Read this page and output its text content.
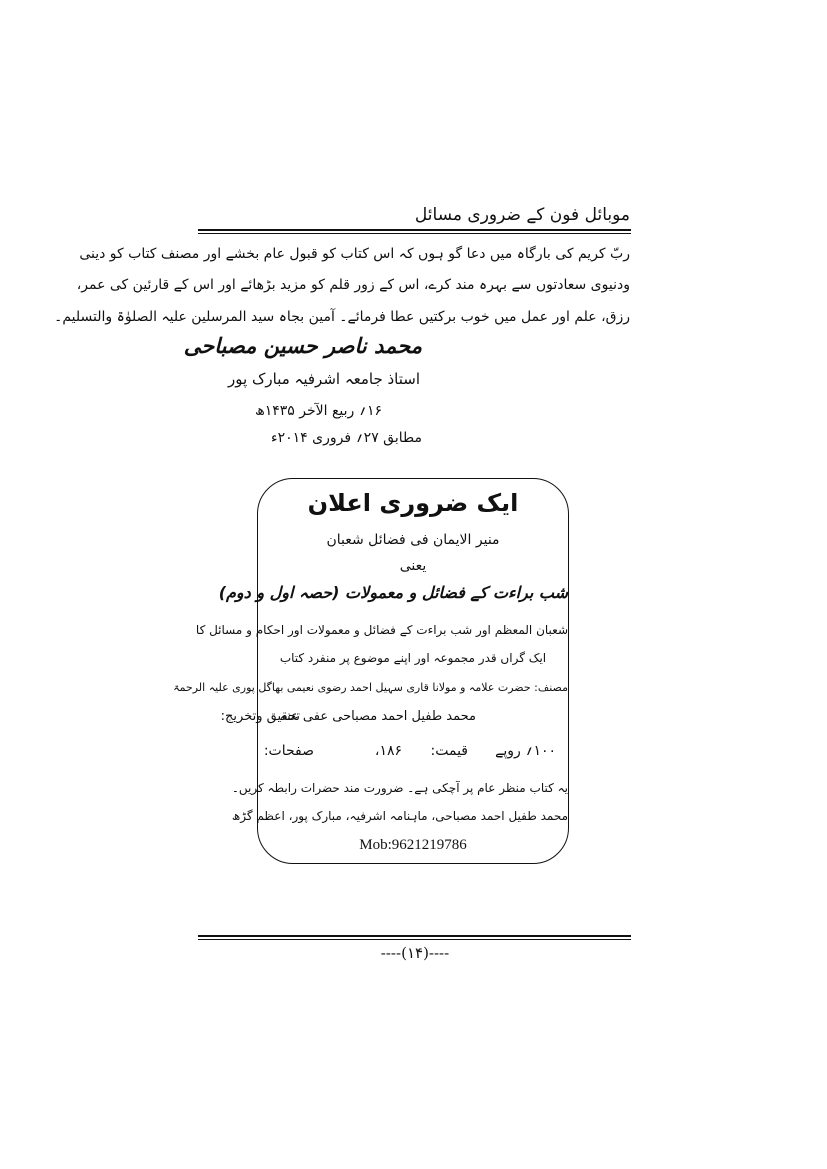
موبائل فون کے ضروری مسائل
ربّ کریم کی بارگاہ میں دعا گو ہوں کہ اس کتاب کو قبول عام بخشے اور مصنف کتاب کو دینی
ودنیوی سعادتوں سے بہرہ مند کرے، اس کے زور قلم کو مزید بڑھائے اور اس کے قارئین کی عمر،
رزق، علم اور عمل میں خوب برکتیں عطا فرمائے۔ آمین بجاہ سید المرسلین علیہ الصلوٰۃ والتسلیم۔
محمد ناصر حسین مصباحی
استاذ جامعہ اشرفیہ مبارک پور
۱۶؍ ربیع الآخر ۱۴۳۵ھ
مطابق ۲۷؍ فروری ۲۰۱۴ء
ایک ضروری اعلان
منیر الایمان فی فضائل شعبان
یعنی
شب براءت کے فضائل و معمولات (حصہ اول و دوم)
شعبان المعظم اور شب براءت کے فضائل و معمولات اور احکام و مسائل کا
ایک گراں قدر مجموعہ اور اپنے موضوع پر منفرد کتاب
مصنف: حضرت علامہ و مولانا قاری سہیل احمد رضوی نعیمی بھاگل پوری علیہ الرحمۃ
تحقیق وتخریج:
محمد طفیل احمد مصباحی عفی عنہ
صفحات:	۱۸۶، قیمت: ۱۰۰؍ روپے
یہ کتاب منظر عام پر آچکی ہے۔ ضرورت مند حضرات رابطہ کریں۔
محمد طفیل احمد مصباحی، ماہنامہ اشرفیہ، مبارک پور، اعظم گڑھ
Mob:9621219786
----(۱۴)----
